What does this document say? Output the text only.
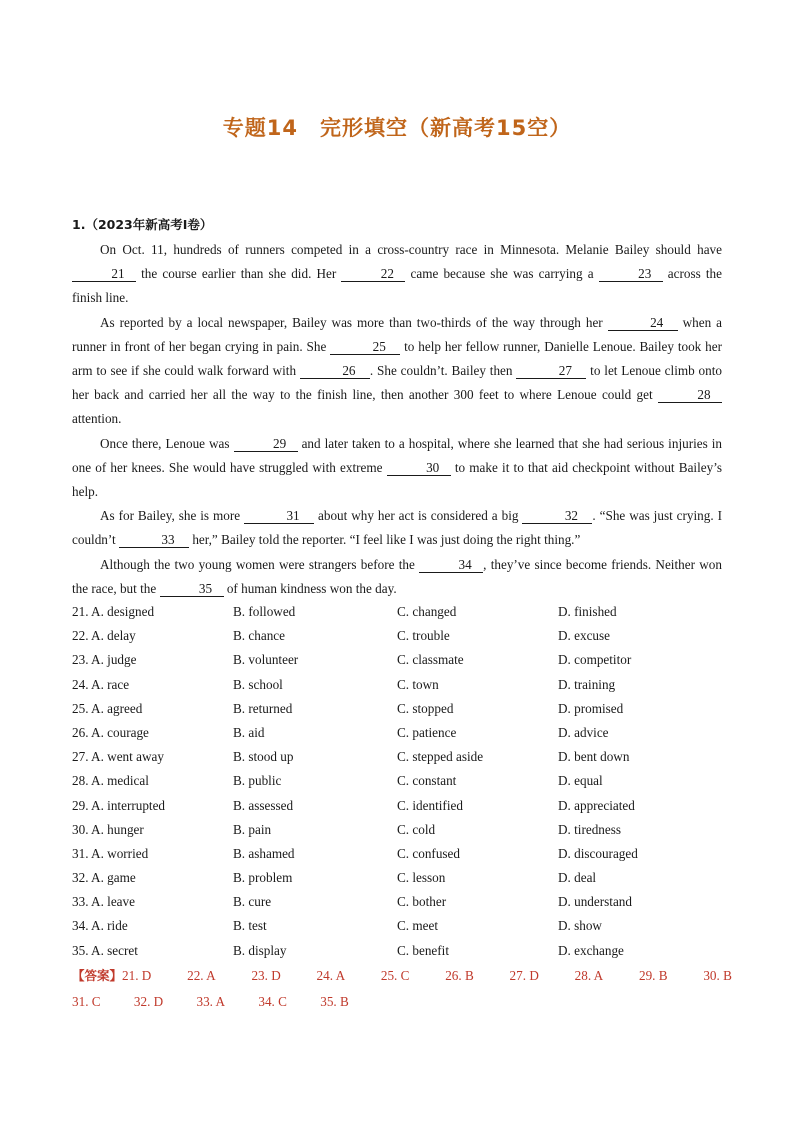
专题14　完形填空（新高考15空）
1.（2023年新高考I卷）

On Oct. 11, hundreds of runners competed in a cross-country race in Minnesota. Melanie Bailey should have 21 the course earlier than she did. Her	22 came because she was carrying a	23 across the finish line.

As reported by a local newspaper, Bailey was more than two-thirds of the way through her	24 when a runner in front of her began crying in pain. She	25 to help her fellow runner, Danielle Lenoue. Bailey took her arm to see if she could walk forward with	26 . She couldn’t. Bailey then	27 to let Lenoue climb onto her back and carried her all the way to the finish line, then another 300 feet to where Lenoue could get	28 attention.

Once there, Lenoue was	29 and later taken to a hospital, where she learned that she had serious injuries in one of her knees. She would have struggled with extreme	30 to make it to that aid checkpoint without Bailey’s help.

As for Bailey, she is more	31 about why her act is considered a big	32 . “She was just crying. I couldn’t	33 her,” Bailey told the reporter. “I feel like I was just doing the right thing.”

Although the two young women were strangers before the	34 , they’ve since become friends. Neither won the race, but the	35 of human kindness won the day.

21. A. designed	B. followed	C. changed	D. finished
22. A. delay	B. chance	C. trouble	D. excuse
23. A. judge	B. volunteer	C. classmate	D. competitor
24. A. race	B. school	C. town	D. training
25. A. agreed	B. returned	C. stopped	D. promised
26. A. courage	B. aid	C. patience	D. advice
27. A. went away	B. stood up	C. stepped aside	D. bent down
28. A. medical	B. public	C. constant	D. equal
29. A. interrupted	B. assessed	C. identified	D. appreciated
30. A. hunger	B. pain	C. cold	D. tiredness
31. A. worried	B. ashamed	C. confused	D. discouraged
32. A. game	B. problem	C. lesson	D. deal
33. A. leave	B. cure	C. bother	D. understand
34. A. ride	B. test	C. meet	D. show
35. A. secret	B. display	C. benefit	D. exchange
【答案】21. D	22. A	23. D	24. A	25. C	26. B	27. D	28. A	29. B	30. B
31. C	32. D	33. A	34. C	35. B
